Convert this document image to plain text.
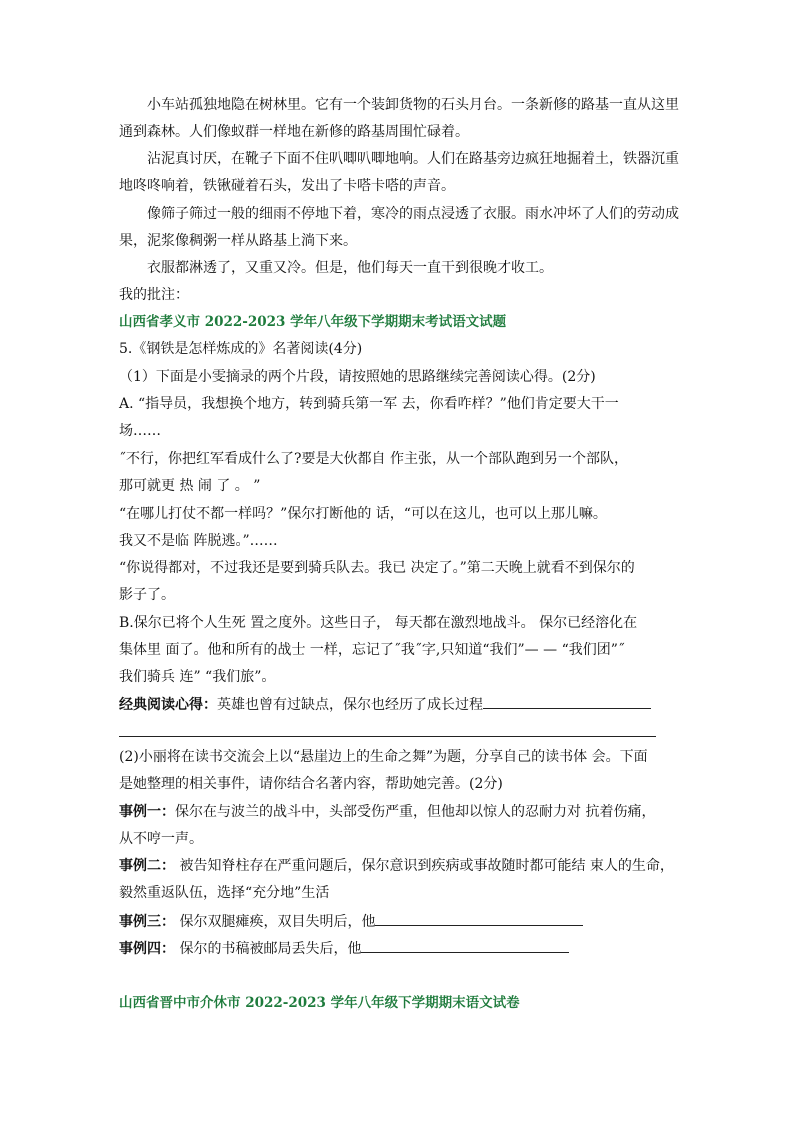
小车站孤独地隐在树林里。它有一个装卸货物的石头月台。一条新修的路基一直从这里
通到森林。人们像蚁群一样地在新修的路基周围忙碌着。
沾泥真讨厌，在靴子下面不住叭唧叭唧地响。人们在路基旁边疯狂地掘着土，铁器沉重
地咚咚响着，铁锹碰着石头，发出了卡嗒卡嗒的声音。
像筛子筛过一般的细雨不停地下着，寒冷的雨点浸透了衣服。雨水冲坏了人们的劳动成
果，泥浆像稠粥一样从路基上淌下来。
衣服都淋透了，又重又冷。但是，他们每天一直干到很晚才收工。
我的批注：
山西省孝义市 2022-2023 学年八年级下学期期末考试语文试题
5.《钢铁是怎样炼成的》名著阅读(4分)
（1）下面是小雯摘录的两个片段，请按照她的思路继续完善阅读心得。(2分)
A. “指导员，我想换个地方，转到骑兵第一军 去，你看咋样？”他们肯定要大干一
场……
˝不行，你把红军看成什么了?要是大伙都自 作主张，从一个部队跑到另一个部队，
那可就更 热 闹 了 。 ”
“在哪儿打仗不都一样吗？”保尔打断他的 话，“可以在这儿，也可以上那儿嘛。
我又不是临 阵脱逃。”……
“你说得都对，不过我还是要到骑兵队去。我已 决定了。”第二天晚上就看不到保尔的
影子了。
B.保尔已将个人生死 置之度外。这些日子， 每天都在激烈地战斗。 保尔已经溶化在
集体里 面了。他和所有的战士 一样，忘记了˝我˝字,只知道“我们”— — “我们团”˝
我们骑兵 连” “我们旅”。
经典阅读心得：英雄也曾有过缺点，保尔也经历了成长过程
(2)小丽将在读书交流会上以“悬崖边上的生命之舞”为题，分享自己的读书体 会。下面
是她整理的相关事件，请你结合名著内容，帮助她完善。(2分)
事例一：保尔在与波兰的战斗中，头部受伤严重，但他却以惊人的忍耐力对 抗着伤痛，
从不哼一声。
事例二： 被告知脊柱存在严重问题后，保尔意识到疾病或事故随时都可能结 束人的生命，
毅然重返队伍，选择“充分地”生活
事例三： 保尔双腿瘫痪，双目失明后，他
事例四： 保尔的书稿被邮局丢失后，他
山西省晋中市介休市 2022-2023 学年八年级下学期期末语文试卷
